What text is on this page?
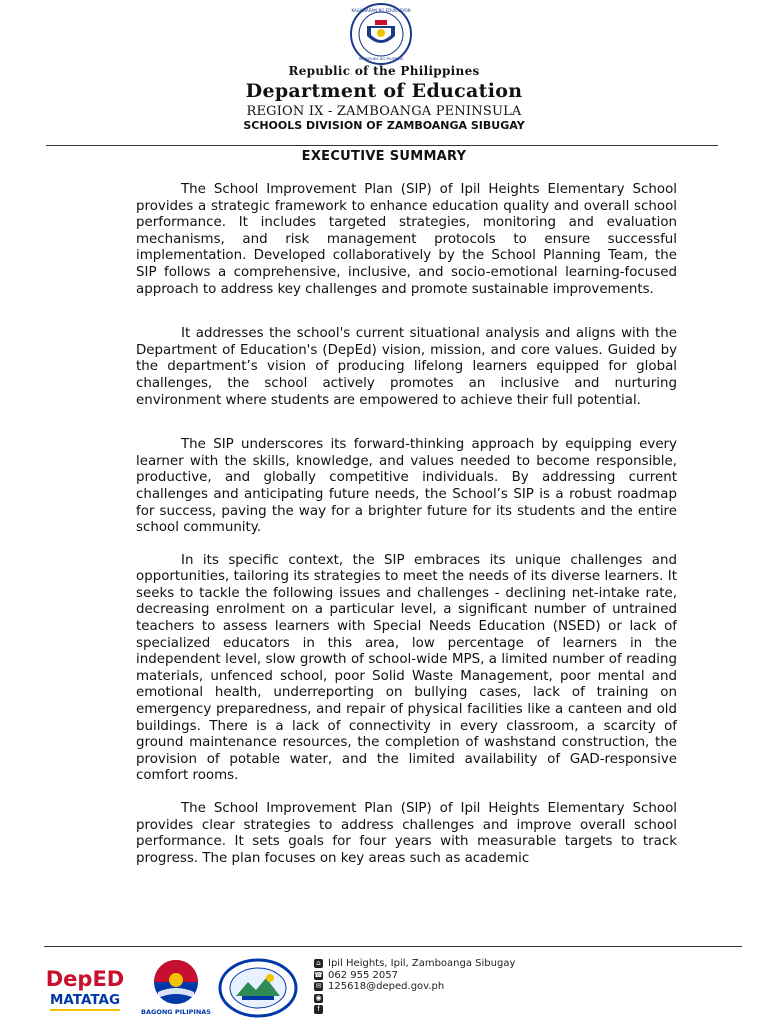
KAGAWARAN NG EDUKASYON
REPUBLIKA NG PILIPINAS
Republic of the Philippines
Department of Education
REGION IX - ZAMBOANGA PENINSULA
SCHOOLS DIVISION OF ZAMBOANGA SIBUGAY
EXECUTIVE SUMMARY

The School Improvement Plan (SIP) of Ipil Heights Elementary School provides a strategic framework to enhance education quality and overall school performance. It includes targeted strategies, monitoring and evaluation mechanisms, and risk management protocols to ensure successful implementation. Developed collaboratively by the School Planning Team, the SIP follows a comprehensive, inclusive, and socio-emotional learning-focused approach to address key challenges and promote sustainable improvements.

It addresses the school's current situational analysis and aligns with the Department of Education's (DepEd) vision, mission, and core values. Guided by the department’s vision of producing lifelong learners equipped for global challenges, the school actively promotes an inclusive and nurturing environment where students are empowered to achieve their full potential.

The SIP underscores its forward-thinking approach by equipping every learner with the skills, knowledge, and values needed to become responsible, productive, and globally competitive individuals. By addressing current challenges and anticipating future needs, the School’s SIP is a robust roadmap for success, paving the way for a brighter future for its students and the entire school community.

In its specific context, the SIP embraces its unique challenges and opportunities, tailoring its strategies to meet the needs of its diverse learners. It seeks to tackle the following issues and challenges - declining net-intake rate, decreasing enrolment on a particular level, a significant number of untrained teachers to assess learners with Special Needs Education (NSED) or lack of specialized educators in this area, low percentage of learners in the independent level, slow growth of school-wide MPS, a limited number of reading materials, unfenced school, poor Solid Waste Management, poor mental and emotional health, underreporting on bullying cases, lack of training on emergency preparedness, and repair of physical facilities like a canteen and old buildings. There is a lack of connectivity in every classroom, a scarcity of ground maintenance resources, the completion of washstand construction, the provision of potable water, and the limited availability of GAD-responsive comfort rooms.

The School Improvement Plan (SIP) of Ipil Heights Elementary School provides clear strategies to address challenges and improve overall school performance. It sets goals for four years with measurable targets to track progress. The plan focuses on key areas such as academic

DepED
MATATAG
BAGONG PILIPINAS
⌂ Ipil Heights, Ipil, Zamboanga Sibugay
☎ 062 955 2057
✉ 125618@deped.gov.ph
◉
f
